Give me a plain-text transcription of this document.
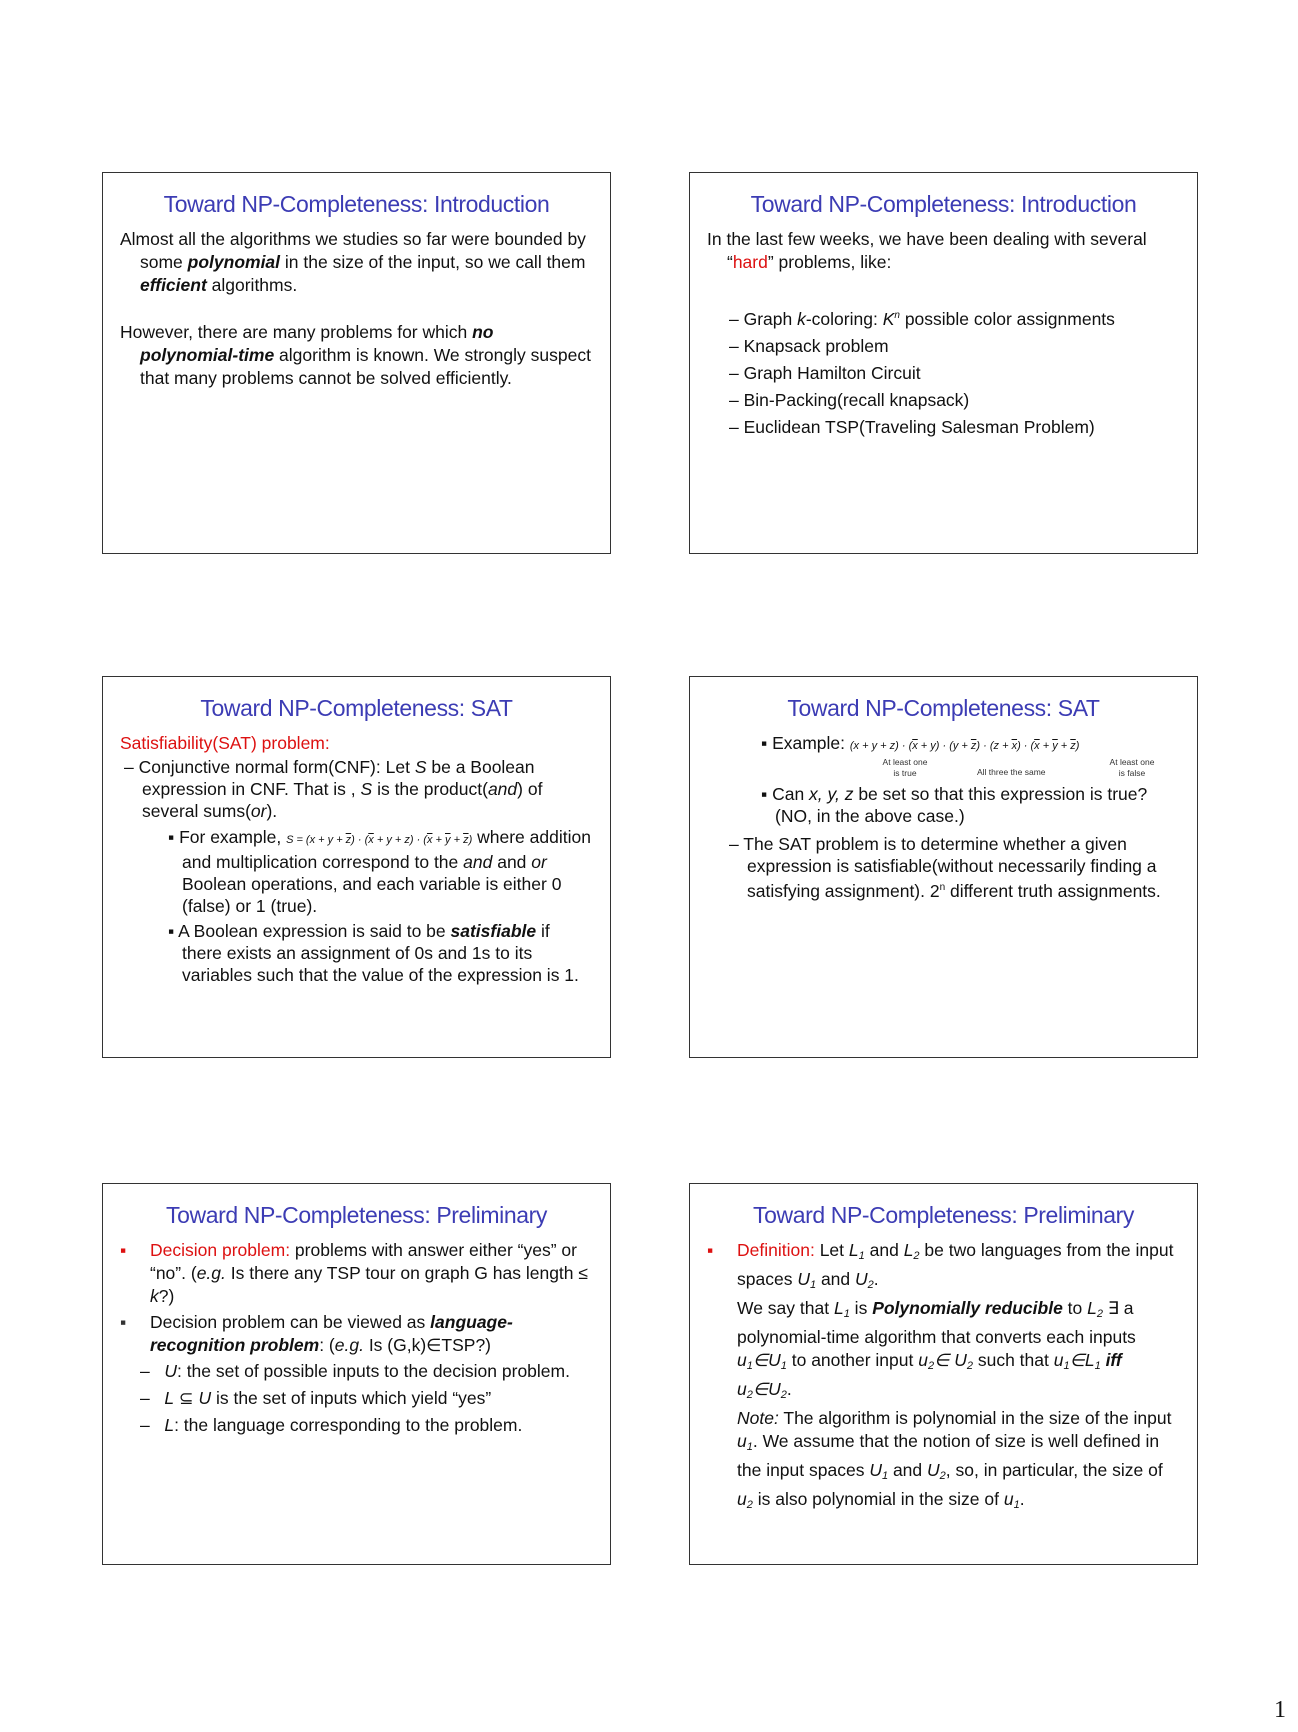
Toward NP-Completeness: Introduction

Almost all the algorithms we studies so far were bounded by some polynomial in the size of the input, so we call them efficient algorithms.

However, there are many problems for which no polynomial-time algorithm is known. We strongly suspect that many problems cannot be solved efficiently.

Toward NP-Completeness: Introduction

In the last few weeks, we have been dealing with several “hard” problems, like:

– Graph k-coloring: $K^n$ possible color assignments

– Knapsack problem

– Graph Hamilton Circuit

– Bin-Packing(recall knapsack)

– Euclidean TSP(Traveling Salesman Problem)

Toward NP-Completeness: SAT

Satisfiability(SAT) problem:

– Conjunctive normal form(CNF): Let S be a Boolean expression in CNF. That is , S is the product(and) of several sums(or).

▪ For example, $S = (x + y + \overline{z}) \cdot (\overline{x} + y + z) \cdot (\overline{x} + \overline{y} + \overline{z})$ where addition and multiplication correspond to the and and or Boolean operations, and each variable is either 0 (false) or 1 (true).

▪ A Boolean expression is said to be satisfiable if there exists an assignment of 0s and 1s to its variables such that the value of the expression is 1.

Toward NP-Completeness: SAT

▪ Example: $(x + y + z) \cdot (\overline{x} + y) \cdot (y + \overline{z}) \cdot (z + \overline{x}) \cdot (\overline{x} + \overline{y} + \overline{z})$

At least one is true	All three the same
At least one is false

▪ Can x, y, z be set so that this expression is true? (NO, in the above case.)

– The SAT problem is to determine whether a given expression is satisfiable(without necessarily finding a satisfying assignment). 2$^n$ different truth assignments.

Toward NP-Completeness: Preliminary

▪ Decision problem: problems with answer either “yes” or “no”. (e.g. Is there any TSP tour on graph G has length ≤ k?)

▪ Decision problem can be viewed as language-recognition problem: (e.g. Is (G,k)∈TSP?)

–   U: the set of possible inputs to the decision problem.

–   L ⊆ U is the set of inputs which yield “yes”

–   L: the language corresponding to the problem.

Toward NP-Completeness: Preliminary
▪ Definition: Let $L_1$ and $L_2$ be two languages from the input spaces $U_1$ and $U_2$.
We say that $L_1$ is Polynomially reducible to $L_2$ ∃ a polynomial-time algorithm that converts each inputs $u_1\in U_1$ to another input $u_2\in$ $U_2$ such that $u_1\in L_1$ iff $u_2\in U_2$.
Note: The algorithm is polynomial in the size of the input $u_1$. We assume that the notion of size is well defined in the input spaces $U_1$ and $U_2$, so, in particular, the size of $u_2$ is also polynomial in the size of $u_1$.
1
